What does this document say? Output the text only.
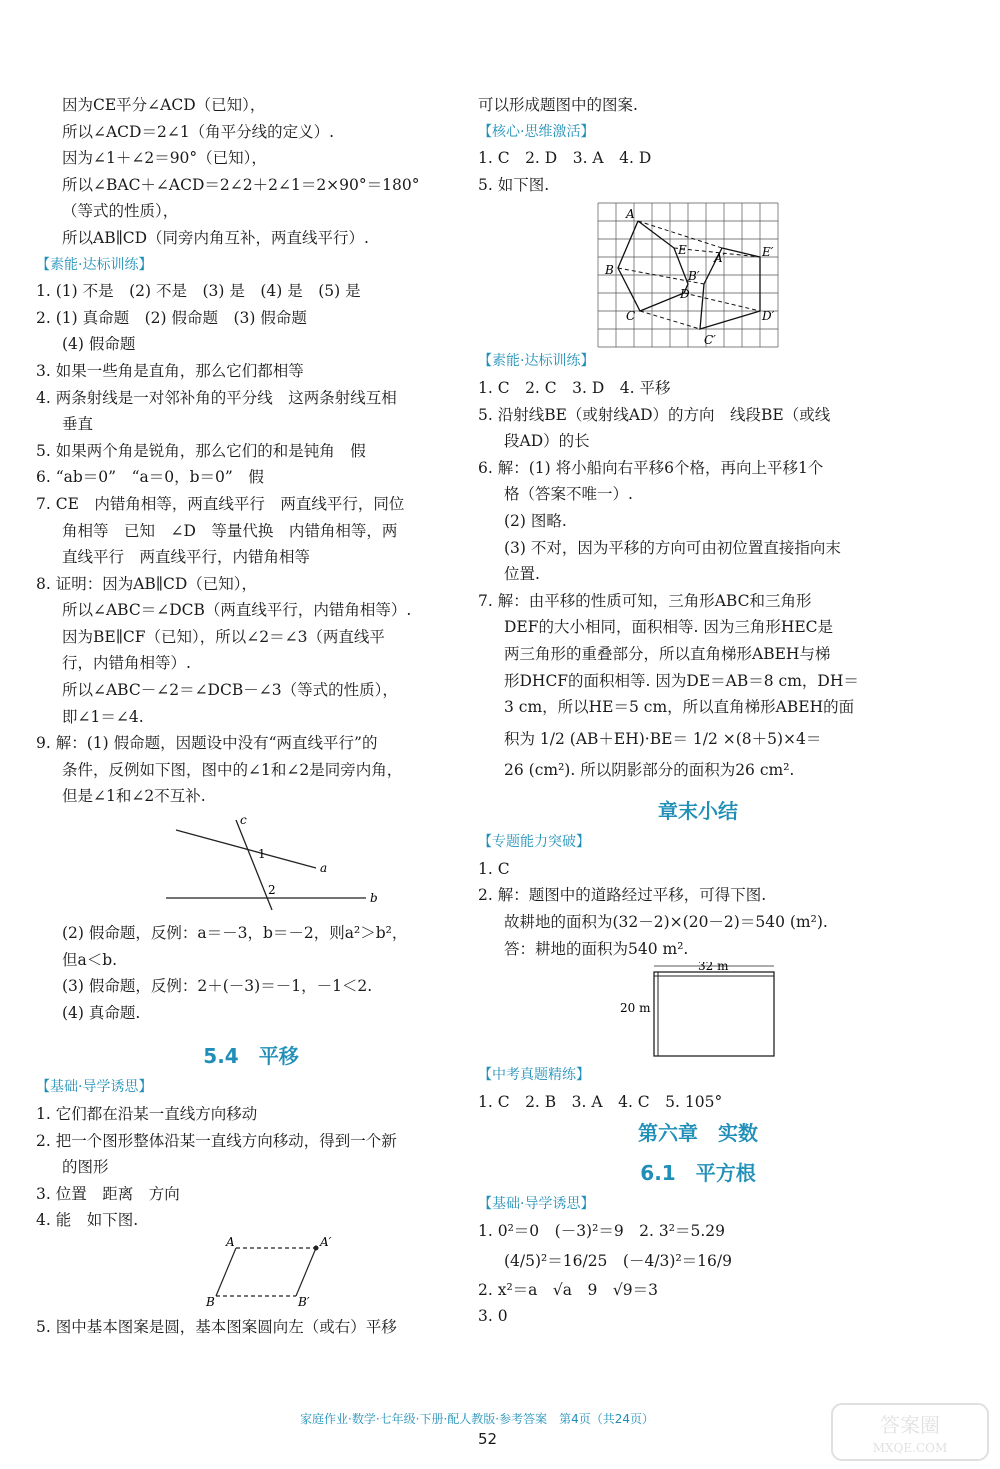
因为CE平分∠ACD（已知），
所以∠ACD＝2∠1（角平分线的定义）.
因为∠1＋∠2＝90°（已知），
所以∠BAC＋∠ACD＝2∠2＋2∠1＝2×90°＝180°
（等式的性质），
所以AB∥CD（同旁内角互补，两直线平行）.
【素能·达标训练】
1. (1) 不是　(2) 不是　(3) 是　(4) 是　(5) 是
2. (1) 真命题　(2) 假命题　(3) 假命题
(4) 假命题
3. 如果一些角是直角，那么它们都相等
4. 两条射线是一对邻补角的平分线　这两条射线互相
垂直
5. 如果两个角是锐角，那么它们的和是钝角　假
6. “ab＝0”　“a＝0，b＝0”　假
7. CE　内错角相等，两直线平行　两直线平行，同位
角相等　已知　∠D　等量代换　内错角相等，两
直线平行　两直线平行，内错角相等
8. 证明：因为AB∥CD（已知），
所以∠ABC＝∠DCB（两直线平行，内错角相等）.
因为BE∥CF（已知），所以∠2＝∠3（两直线平
行，内错角相等）.
所以∠ABC－∠2＝∠DCB－∠3（等式的性质），
即∠1＝∠4.
9. 解：(1) 假命题，因题设中没有“两直线平行”的
条件，反例如下图，图中的∠1和∠2是同旁内角，
但是∠1和∠2不互补.
c
a
b
1
2
(2) 假命题，反例：a＝－3，b＝－2，则a²＞b²，
但a＜b.
(3) 假命题，反例：2＋(－3)＝－1，－1＜2.
(4) 真命题.
5.4　平移
【基础·导学诱思】
1. 它们都在沿某一直线方向移动
2. 把一个图形整体沿某一直线方向移动，得到一个新
的图形
3. 位置　距离　方向
4. 能　如下图.
A	A′
B	B′
5. 图中基本图案是圆，基本图案圆向左（或右）平移
可以形成题图中的图案.
【核心·思维激活】
1. C　2. D　3. A　4. D
5. 如下图.
A
E
A′	E′
B	B′
D
C
C′
D′
【素能·达标训练】
1. C　2. C　3. D　4. 平移
5. 沿射线BE（或射线AD）的方向　线段BE（或线
段AD）的长
6. 解：(1) 将小船向右平移6个格，再向上平移1个
格（答案不唯一）.
(2) 图略.
(3) 不对，因为平移的方向可由初位置直接指向末
位置.
7. 解：由平移的性质可知，三角形ABC和三角形
DEF的大小相同，面积相等. 因为三角形HEC是
两三角形的重叠部分，所以直角梯形ABEH与梯
形DHCF的面积相等. 因为DE＝AB＝8 cm，DH＝
3 cm，所以HE＝5 cm，所以直角梯形ABEH的面
积为 1/2 (AB＋EH)·BE＝ 1/2 ×(8＋5)×4＝
26 (cm²). 所以阴影部分的面积为26 cm².
章末小结
【专题能力突破】
1. C
2. 解：题图中的道路经过平移，可得下图.
故耕地的面积为(32－2)×(20－2)＝540 (m²).
答：耕地的面积为540 m².
32 m
20 m
【中考真题精练】
1. C　2. B　3. A　4. C　5. 105°
第六章　实数
6.1　平方根
【基础·导学诱思】
1. 0²＝0　(－3)²＝9　2. 3²＝5.29
(4/5)²＝16/25　(－4/3)²＝16/9
2. x²＝a　√a　9　√9＝3
3. 0
家庭作业·数学·七年级·下册·配人教版·参考答案　第4页（共24页）
52
答案圈
MXQE.COM
